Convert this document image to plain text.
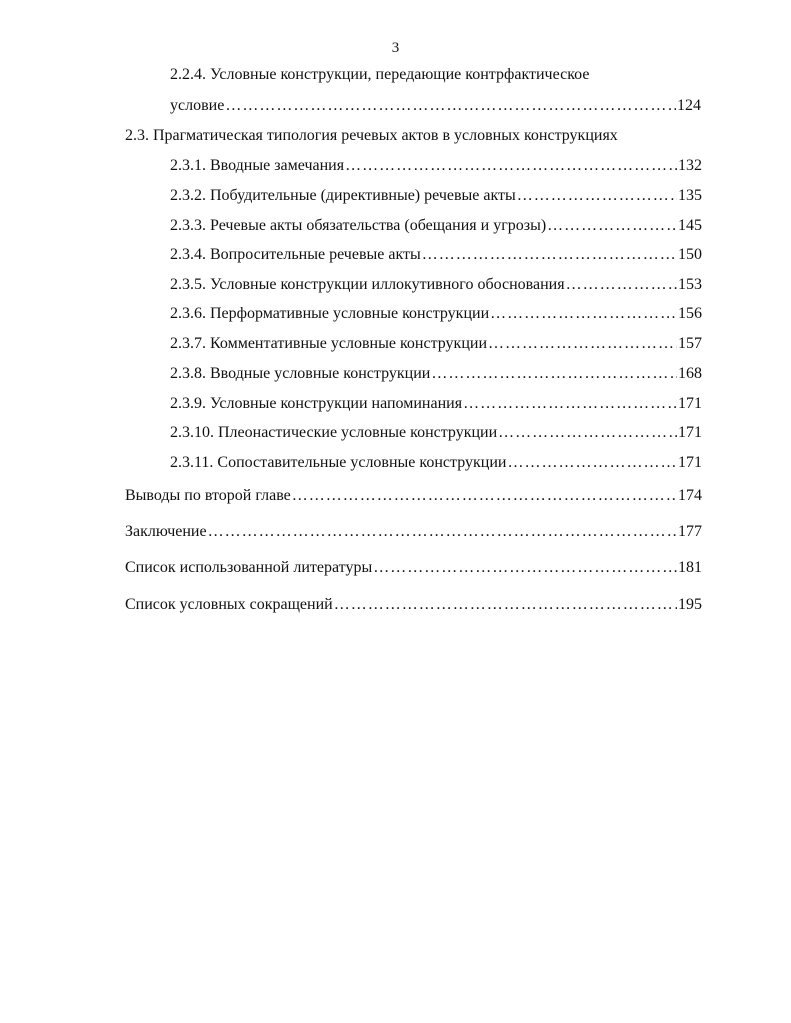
3
2.2.4. Условные конструкции, передающие контрфактическое
условие ………………………………………………………………………………………………………………………………………………………………………………………	124
2.3. Прагматическая типология речевых актов в условных конструкциях
2.3.1. Вводные замечания ………………………………………………………………………………………………………………………………………………………………………………………	132
2.3.2. Побудительные (директивные) речевые акты ………………………………………………………………………………………………………………………………………………………………………………………	135
2.3.3. Речевые акты обязательства (обещания и угрозы) ………………………………………………………………………………………………………………………………………………………………………………………	145
2.3.4. Вопросительные речевые акты ………………………………………………………………………………………………………………………………………………………………………………………	150
2.3.5. Условные конструкции иллокутивного обоснования ………………………………………………………………………………………………………………………………………………………………………………………	153
2.3.6. Перформативные условные конструкции ………………………………………………………………………………………………………………………………………………………………………………………	156
2.3.7. Комментативные условные конструкции ………………………………………………………………………………………………………………………………………………………………………………………	157
2.3.8. Вводные условные конструкции ………………………………………………………………………………………………………………………………………………………………………………………	168
2.3.9. Условные конструкции напоминания ………………………………………………………………………………………………………………………………………………………………………………………	171
2.3.10. Плеонастические условные конструкции ………………………………………………………………………………………………………………………………………………………………………………………	171
2.3.11. Сопоставительные условные конструкции ………………………………………………………………………………………………………………………………………………………………………………………	171
Выводы по второй главе ………………………………………………………………………………………………………………………………………………………………………………………	174
Заключение ………………………………………………………………………………………………………………………………………………………………………………………	177
Список использованной литературы ………………………………………………………………………………………………………………………………………………………………………………………	181
Список условных сокращений ………………………………………………………………………………………………………………………………………………………………………………………	195
